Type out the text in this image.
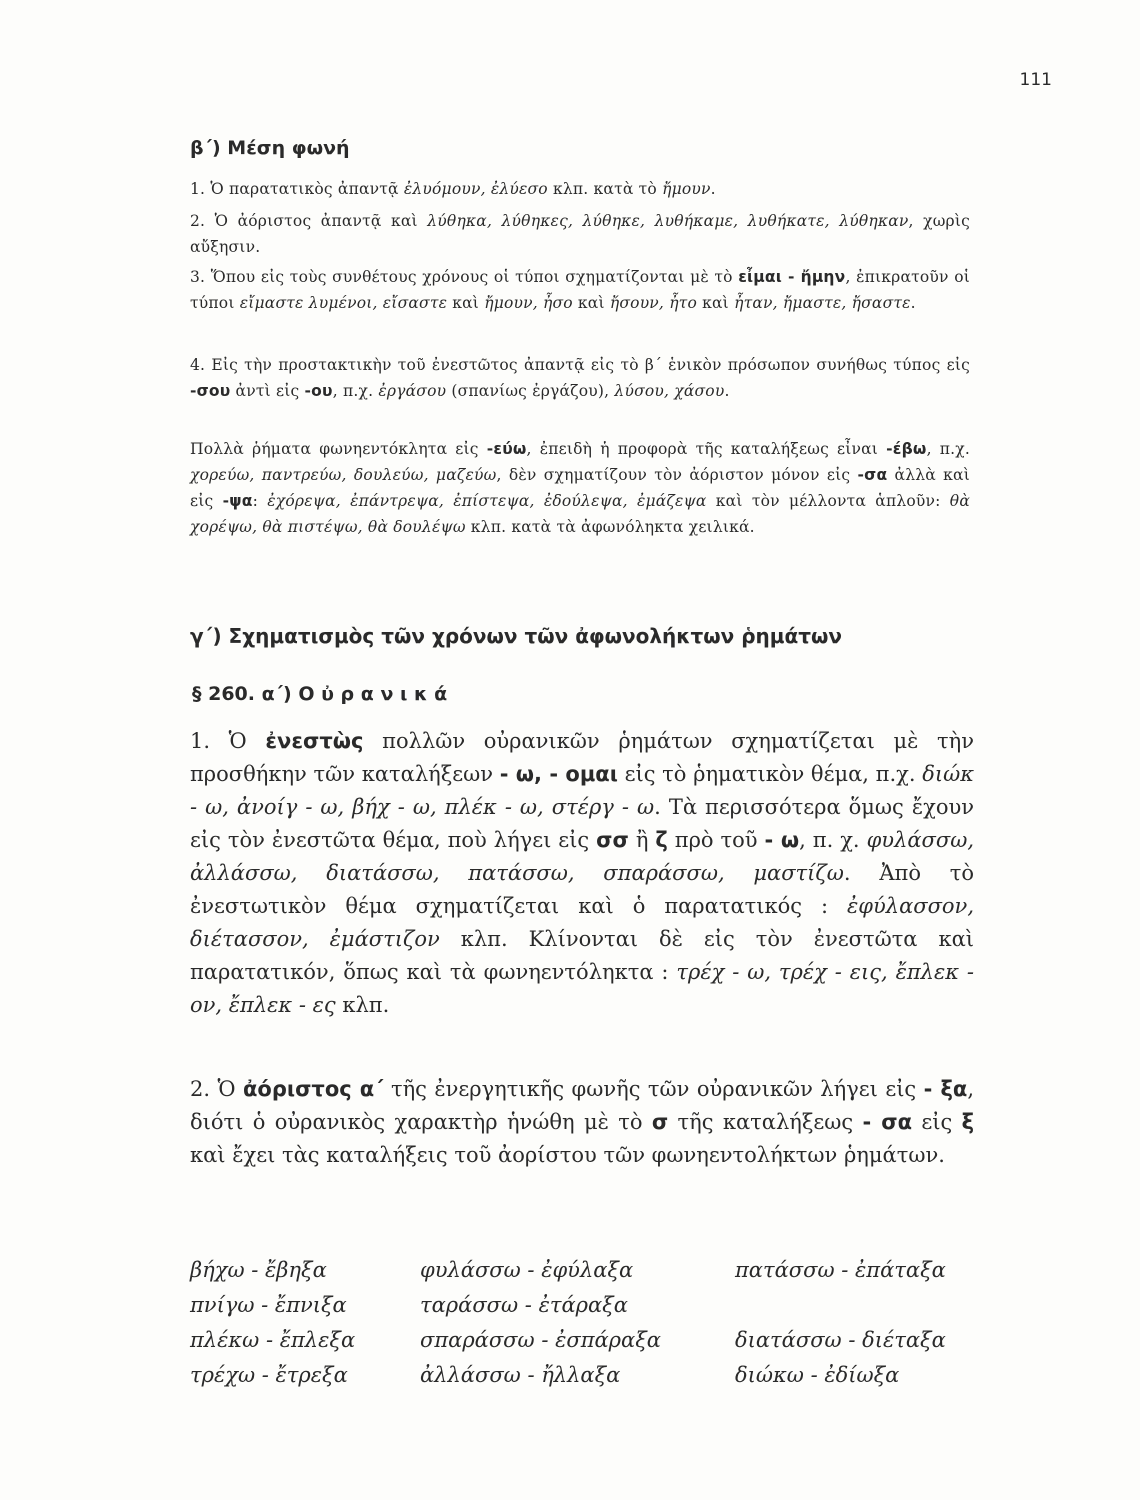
111
β΄) Μέση φωνή
1. Ὁ παρατατικὸς ἀπαντᾷ ἐλυόμουν, ἐλύεσο κλπ. κατὰ τὸ ἤμουν.
2. Ὁ ἀόριστος ἀπαντᾷ καὶ λύθηκα, λύθηκες, λύθηκε, λυθήκαμε, λυθήκατε, λύθηκαν, χωρὶς αὔξησιν.
3. Ὅπου εἰς τοὺς συνθέτους χρόνους οἱ τύποι σχηματίζονται μὲ τὸ εἶμαι - ἤμην, ἐπικρατοῦν οἱ τύποι εἴμαστε λυμένοι, εἴσαστε καὶ ἤμουν, ἦσο καὶ ἤσουν, ἦτο καὶ ἦταν, ἤμαστε, ἤσαστε.
4. Εἰς τὴν προστακτικὴν τοῦ ἐνεστῶτος ἀπαντᾷ εἰς τὸ β΄ ἑνικὸν πρόσωπον συνήθως τύπος εἰς -σου ἀντὶ εἰς -ου, π.χ. ἐργάσου (σπανίως ἐργάζου), λύσου, χάσου.
Πολλὰ ῥήματα φωνηεντόκλητα εἰς -εύω, ἐπειδὴ ἡ προφορὰ τῆς καταλήξεως εἶναι -έβω, π.χ. χορεύω, παντρεύω, δουλεύω, μαζεύω, δὲν σχηματίζουν τὸν ἀόριστον μόνον εἰς -σα ἀλλὰ καὶ εἰς -ψα: ἐχόρεψα, ἐπάντρεψα, ἐπίστεψα, ἐδούλεψα, ἐμάζεψα καὶ τὸν μέλλοντα ἁπλοῦν: θὰ χορέψω, θὰ πιστέψω, θὰ δουλέψω κλπ. κατὰ τὰ ἀφωνόληκτα χειλικά.
γ΄) Σχηματισμὸς τῶν χρόνων τῶν ἀφωνολήκτων ῥημάτων
§ 260. α΄) Ο ὐ ρ α ν ι κ ά
1. Ὁ ἐνεστὼς πολλῶν οὐρανικῶν ῥημάτων σχηματίζεται μὲ τὴν προσθήκην τῶν καταλήξεων - ω, - ομαι εἰς τὸ ῥηματικὸν θέμα, π.χ. διώκ - ω, ἀνοίγ - ω, βήχ - ω, πλέκ - ω, στέργ - ω. Τὰ περισσότερα ὅμως ἔχουν εἰς τὸν ἐνεστῶτα θέμα, ποὺ λήγει εἰς σσ ἢ ζ πρὸ τοῦ - ω, π. χ. φυλάσσω, ἀλλάσσω, διατάσσω, πατάσσω, σπαράσσω, μαστίζω. Ἀπὸ τὸ ἐνεστωτικὸν θέμα σχηματίζεται καὶ ὁ παρατατικός : ἐφύλασσον, διέτασσον, ἐμάστιζον κλπ. Κλίνονται δὲ εἰς τὸν ἐνεστῶτα καὶ παρατατικόν, ὅπως καὶ τὰ φωνηεντόληκτα : τρέχ - ω, τρέχ - εις, ἔπλεκ - ον, ἔπλεκ - ες κλπ.
2. Ὁ ἀόριστος α΄ τῆς ἐνεργητικῆς φωνῆς τῶν οὐρανικῶν λήγει εἰς - ξα, διότι ὁ οὐρανικὸς χαρακτὴρ ἡνώθη μὲ τὸ σ τῆς καταλήξεως - σα εἰς ξ καὶ ἔχει τὰς καταλήξεις τοῦ ἀορίστου τῶν φωνηεντολήκτων ῥημάτων.
βήχω - ἔβηξα	φυλάσσω - ἐφύλαξα	πατάσσω - ἐπάταξα
πνίγω - ἔπνιξα	ταράσσω - ἐτάραξα	
πλέκω - ἔπλεξα	σπαράσσω - ἐσπάραξα	διατάσσω - διέταξα
τρέχω - ἔτρεξα	ἀλλάσσω - ἤλλαξα	διώκω - ἐδίωξα
